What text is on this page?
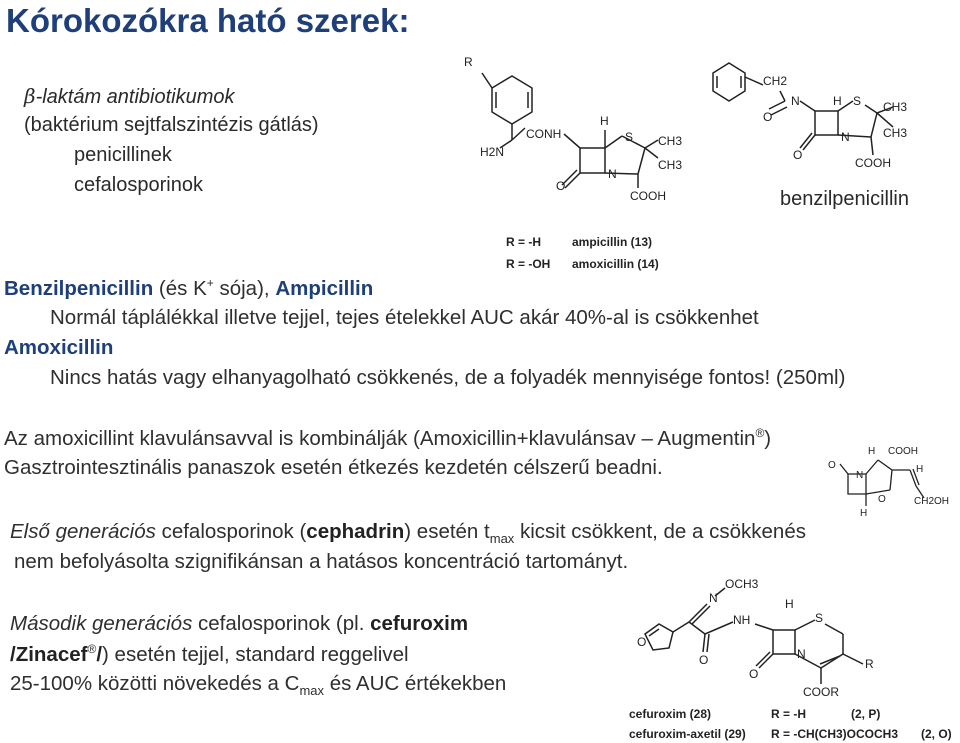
Kórokozókra ható szerek:
β-laktám antibiotikumok
(baktérium sejtfalszintézis gátlás)
penicillinek
cefalosporinok
R
CONH
H
S CH3
CH3
H2N
N
O
COOH
R = -H	ampicillin (13)
R = -OH amoxicillin (14)
CH2
N	H S CH3
CH3
O
O
N
COOH
benzilpenicillin
Benzilpenicillin (és K+ sója), Ampicillin
Normál táplálékkal illetve tejjel, tejes ételekkel AUC akár 40%-al is csökkenhet
Amoxicillin
Nincs hatás vagy elhanyagolható csökkenés, de a folyadék mennyisége fontos! (250ml)
Az amoxicillint klavulánsavval is kombinálják (Amoxicillin+klavulánsav – Augmentin®)
Gasztrointesztinális panaszok esetén étkezés kezdetén célszerű beadni.	O
H COOH
N
H
O	CH2OH
H
Első generációs cefalosporinok (cephadrin) esetén $t_{max}$ kicsit csökkent, de a csökkenés
nem befolyásolta szignifikánsan a hatásos koncentráció tartományt.
Második generációs cefalosporinok (pl. cefuroxim
/Zinacef®/) esetén tejjel, standard reggelivel
25-100% közötti növekedés a $C_{max}$ és AUC értékekben
N
OCH3
NH
H
S
O
O	N
O
R
COOR
cefuroxim (28)	R = -H	(2, P)
cefuroxim-axetil (29) R = -CH(CH3)OCOCH3 (2, O)
